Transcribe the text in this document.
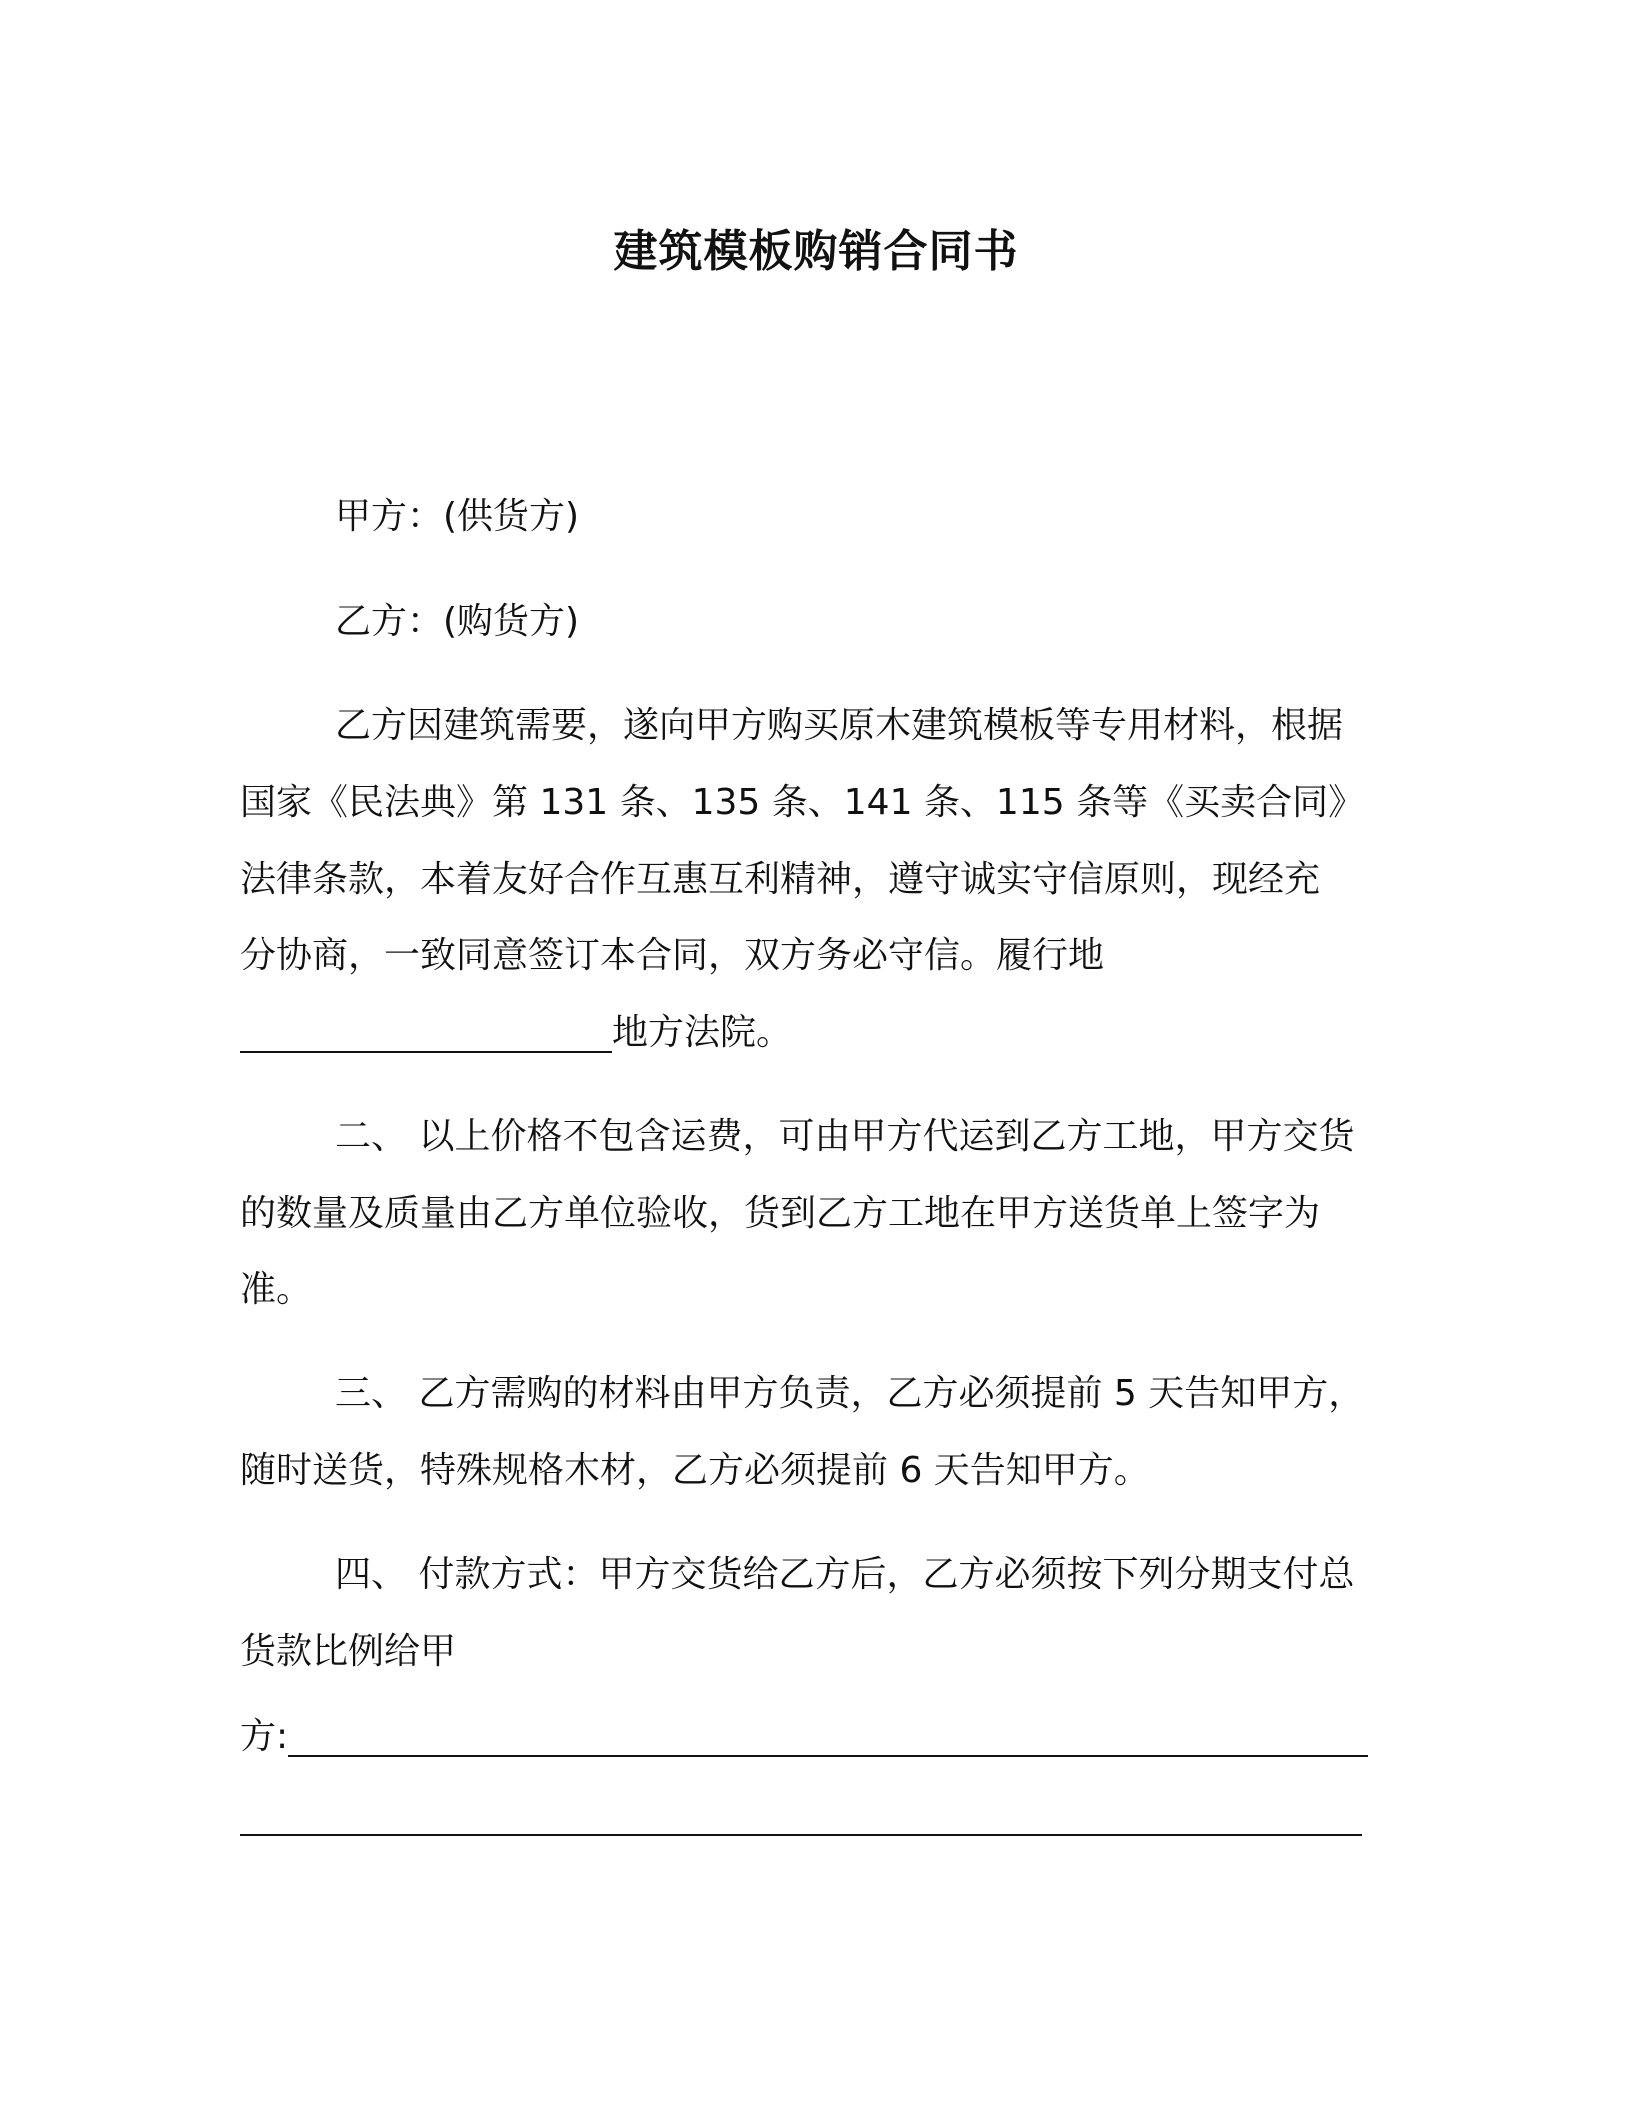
建筑模板购销合同书
甲方：(供货方)
乙方：(购货方)
乙方因建筑需要，遂向甲方购买原木建筑模板等专用材料，根据
国家《民法典》第 131 条、135 条、141 条、115 条等《买卖合同》
法律条款，本着友好合作互惠互利精神，遵守诚实守信原则，现经充
分协商，一致同意签订本合同，双方务必守信。履行地
地方法院。
二、 以上价格不包含运费，可由甲方代运到乙方工地，甲方交货
的数量及质量由乙方单位验收，货到乙方工地在甲方送货单上签字为
准。
三、 乙方需购的材料由甲方负责，乙方必须提前 5 天告知甲方，
随时送货，特殊规格木材，乙方必须提前 6 天告知甲方。
四、 付款方式：甲方交货给乙方后，乙方必须按下列分期支付总
货款比例给甲
方:
